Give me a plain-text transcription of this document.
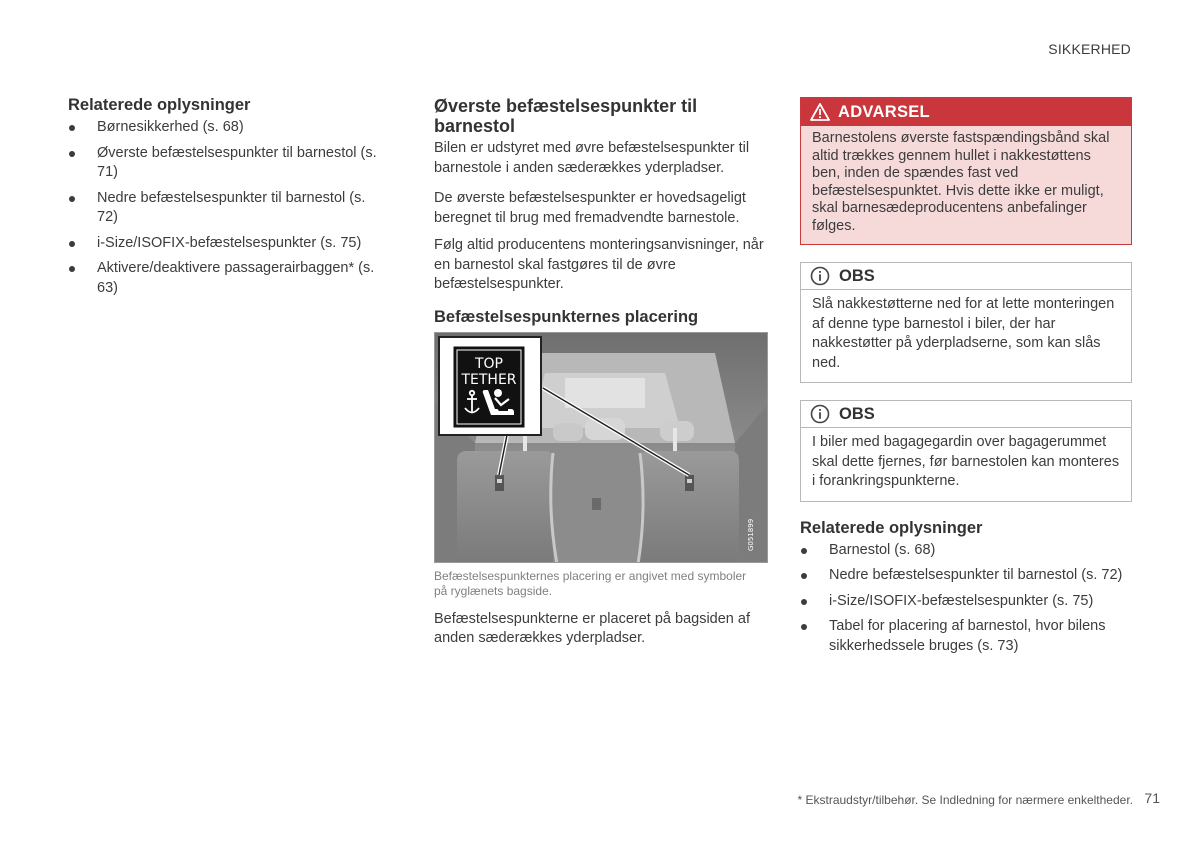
SIKKERHED
Relaterede oplysninger
Børnesikkerhed (s. 68)
Øverste befæstelsespunkter til barnestol (s. 71)
Nedre befæstelsespunkter til barnestol (s. 72)
i-Size/ISOFIX-befæstelsespunkter (s. 75)
Aktivere/deaktivere passagerairbaggen* (s. 63)
Øverste befæstelsespunkter til barnestol
Bilen er udstyret med øvre befæstelsespunkter til barnestole i anden sæderækkes yderpladser.
De øverste befæstelsespunkter er hovedsageligt beregnet til brug med fremadvendte barnestole.
Følg altid producentens monteringsanvisninger, når en barnestol skal fastgøres til de øvre befæstelsespunkter.
Befæstelsespunkternes placering
TOP
TETHER
G051899
Befæstelsespunkternes placering er angivet med symboler på ryglænets bagside.
Befæstelsespunkterne er placeret på bagsiden af anden sæderækkes yderpladser.
ADVARSEL
Barnestolens øverste fastspændingsbånd skal altid trækkes gennem hullet i nakkestøttens ben, inden de spændes fast ved befæstelsespunktet. Hvis dette ikke er muligt, skal barnesædeproducentens anbefalinger følges.
OBS
Slå nakkestøtterne ned for at lette monteringen af denne type barnestol i biler, der har nakkestøtter på yderpladserne, som kan slås ned.
OBS
I biler med bagagegardin over bagagerummet skal dette fjernes, før barnestolen kan monteres i forankringspunkterne.
Relaterede oplysninger
Barnestol (s. 68)
Nedre befæstelsespunkter til barnestol (s. 72)
i-Size/ISOFIX-befæstelsespunkter (s. 75)
Tabel for placering af barnestol, hvor bilens sikkerhedssele bruges (s. 73)
* Ekstraudstyr/tilbehør. Se Indledning for nærmere enkeltheder. 71
